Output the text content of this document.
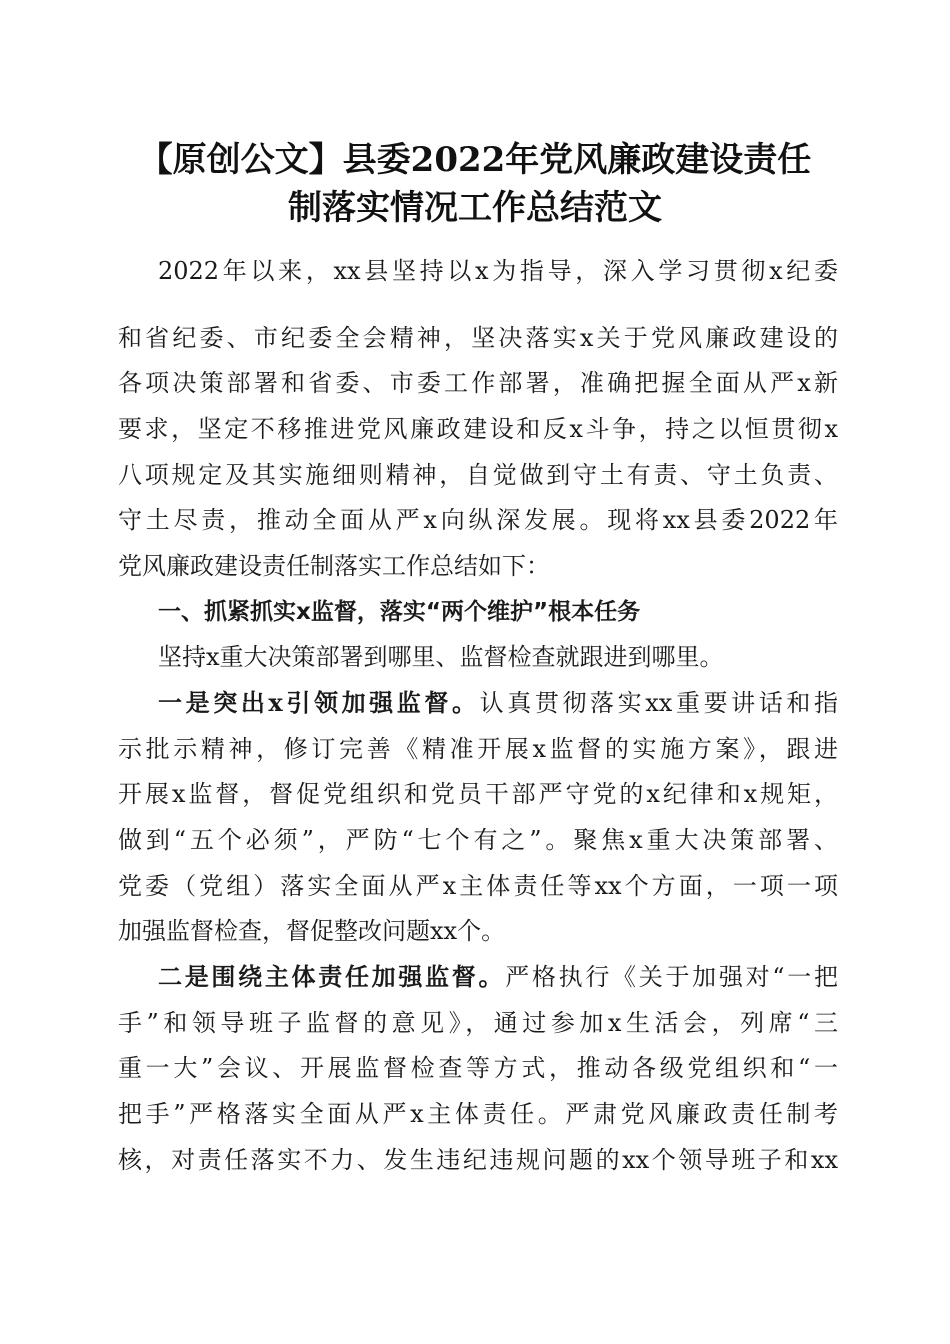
【原创公文】县委2022年党风廉政建设责任
制落实情况工作总结范文
2022年以来，xx县坚持以x为指导，深入学习贯彻x纪委
和省纪委、市纪委全会精神，坚决落实x关于党风廉政建设的
各项决策部署和省委、市委工作部署，准确把握全面从严x新
要求，坚定不移推进党风廉政建设和反x斗争，持之以恒贯彻x
八项规定及其实施细则精神，自觉做到守土有责、守土负责、
守土尽责，推动全面从严x向纵深发展。现将xx县委2022年
党风廉政建设责任制落实工作总结如下：
一、抓紧抓实x监督，落实“两个维护”根本任务
坚持x重大决策部署到哪里、监督检查就跟进到哪里。
一是突出x引领加强监督。认真贯彻落实xx重要讲话和指
示批示精神，修订完善《精准开展x监督的实施方案》，跟进
开展x监督，督促党组织和党员干部严守党的x纪律和x规矩，
做到“五个必须”，严防“七个有之”。聚焦x重大决策部署、
党委（党组）落实全面从严x主体责任等xx个方面，一项一项
加强监督检查，督促整改问题xx个。
二是围绕主体责任加强监督。严格执行《关于加强对“一把
手”和领导班子监督的意见》，通过参加x生活会，列席“三
重一大”会议、开展监督检查等方式，推动各级党组织和“一
把手”严格落实全面从严x主体责任。严肃党风廉政责任制考
核，对责任落实不力、发生违纪违规问题的xx个领导班子和xx
